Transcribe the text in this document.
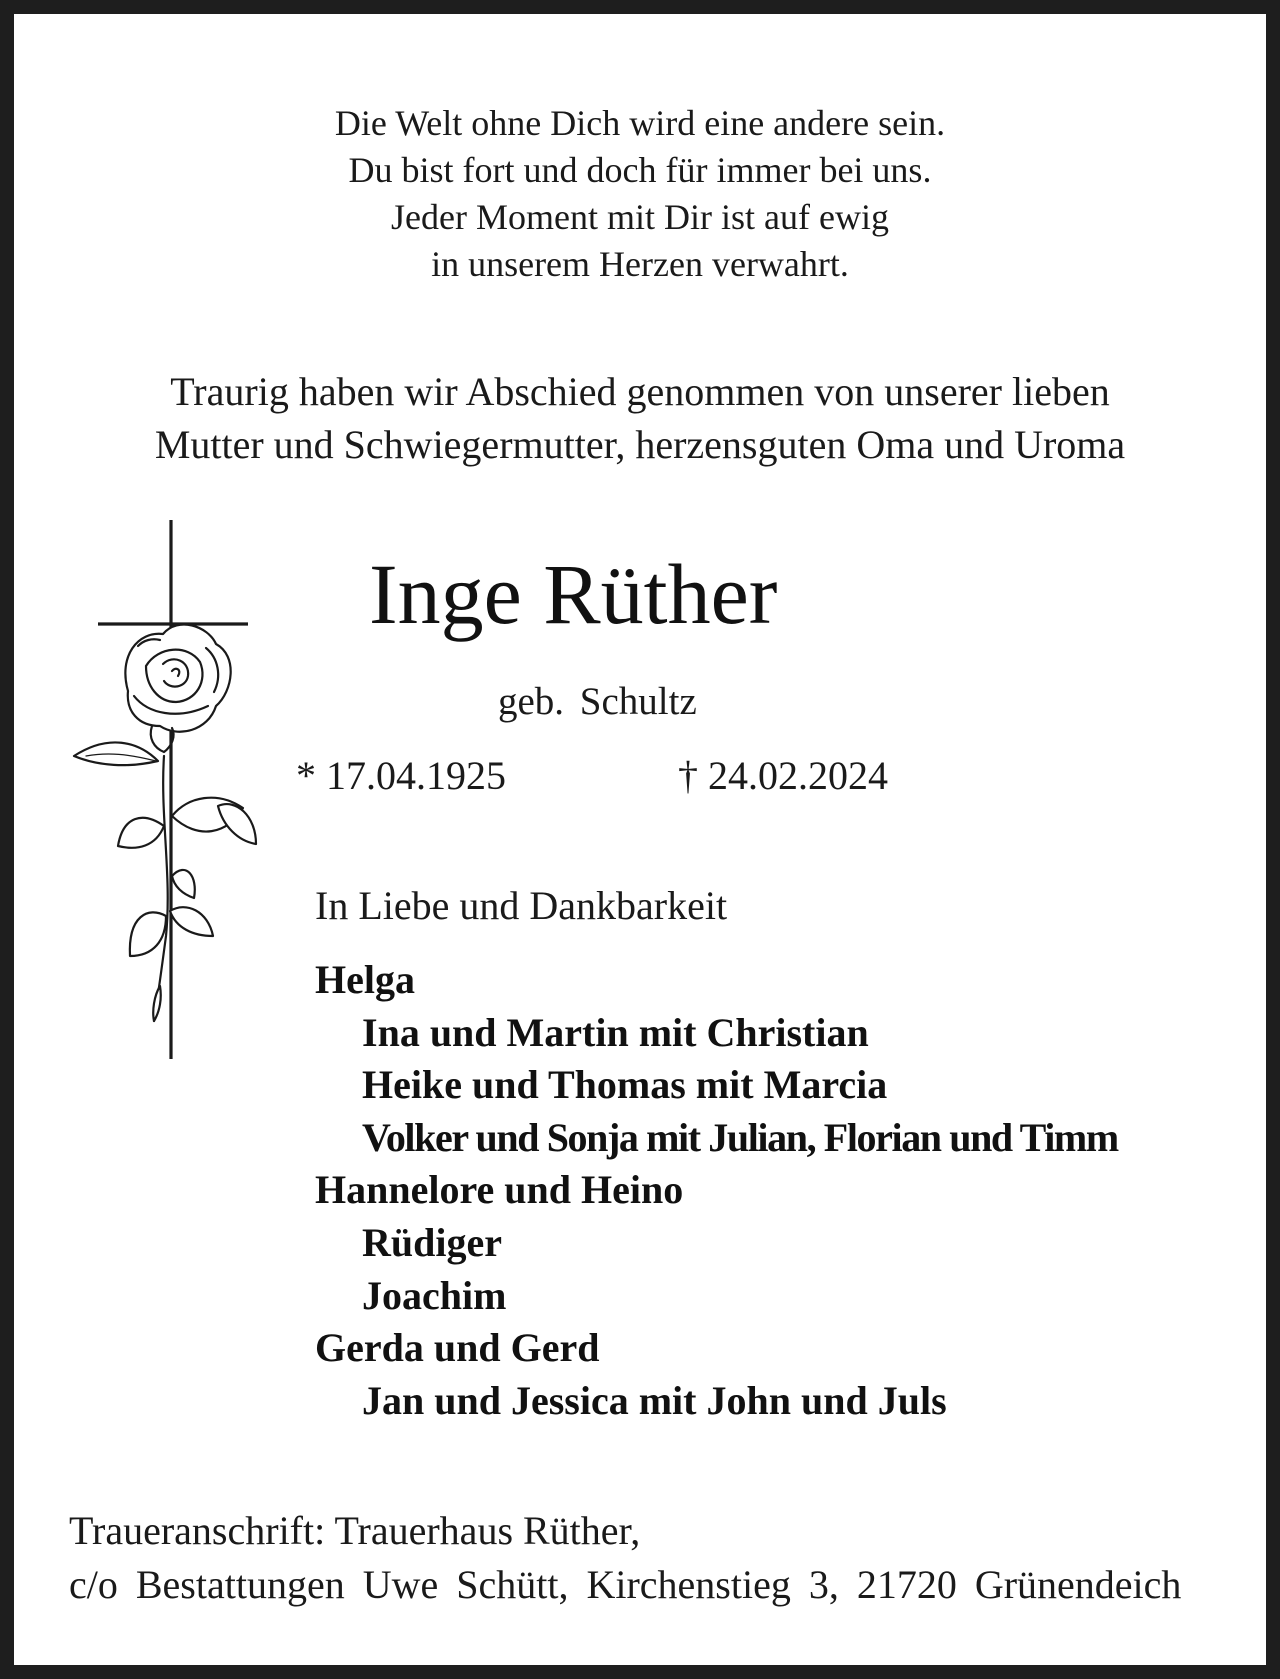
Die Welt ohne Dich wird eine andere sein.
Du bist fort und doch für immer bei uns.
Jeder Moment mit Dir ist auf ewig
in unserem Herzen verwahrt.
Traurig haben wir Abschied genommen von unserer lieben
Mutter und Schwiegermutter, herzensguten Oma und Uroma
Inge Rüther
geb. Schultz
* 17.04.1925	† 24.02.2024
In Liebe und Dankbarkeit
Helga
Ina und Martin mit Christian
Heike und Thomas mit Marcia
Volker und Sonja mit Julian, Florian und Timm
Hannelore und Heino
Rüdiger
Joachim
Gerda und Gerd
Jan und Jessica mit John und Juls
Traueranschrift: Trauerhaus Rüther,
c/o Bestattungen Uwe Schütt, Kirchenstieg 3, 21720 Grünendeich
